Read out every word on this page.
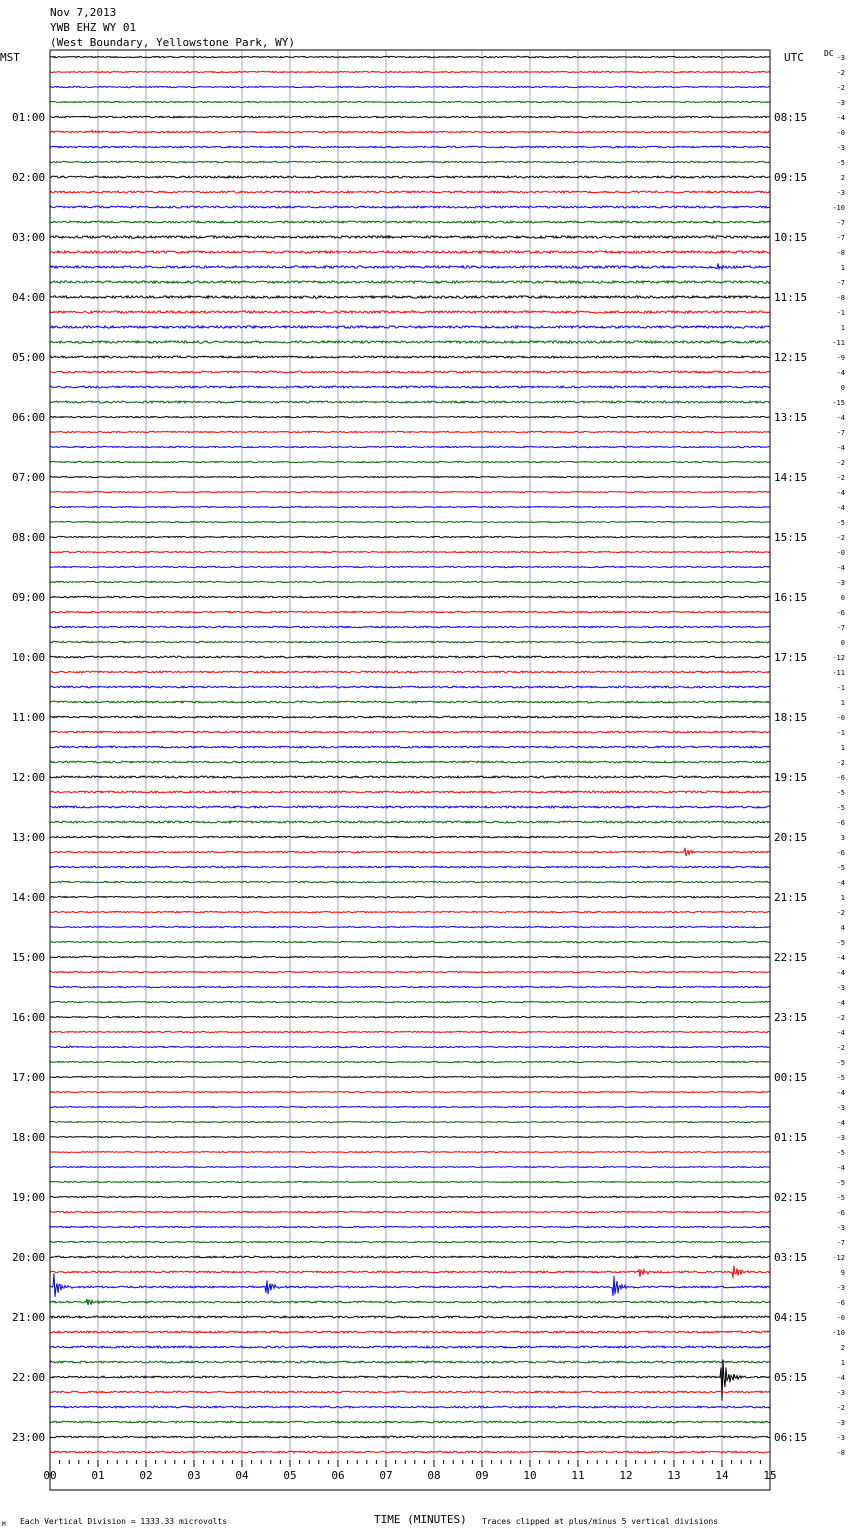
Nov 7,2013
YWB EHZ WY 01
(West Boundary, Yellowstone Park, WY)
MST	UTC	DC
01:00
02:00
03:00
04:00
05:00
06:00
07:00
08:00
09:00
10:00
11:00
12:00
13:00
14:00
15:00
16:00
17:00
18:00
19:00
20:00
21:00
22:00
23:00
08:15
09:15
10:15
11:15
12:15
13:15
14:15
15:15
16:15
17:15
18:15
19:15
20:15
21:15
22:15
23:15
00:15
01:15
02:15
03:15
04:15
05:15
06:15
-3
-2
-2
-3
-4
-0
-3
-5
2
-3
-10
-7
-7
-8
1
-7
-8
-1
1
-11
-9
-4
0
-15
-4
-7
-4
-2
-2
-4
-4
-5
-2
-0
-4
-3
0
-6
-7
0
-12
-11
-1
1
-0
-1
1
-2
-6
-5
-5
-6
3
-6
-5
-4
1
-2
4
-5
-4
-4
-3
-4
-2
-4
-2
-5
-5
-4
-3
-4
-3
-5
-4
-5
-5
-6
-3
-7
-12
9
-3
-6
-0
-10
2
1
-4
-3
-2
-3
-3
-8
00	01	02	03	04	05	06	07	08	09	10	11	12	13	14	15
TIME (MINUTES)
Each Vertical Division = 1333.33 microvolts	Traces clipped at plus/minus 5 vertical divisions
M
